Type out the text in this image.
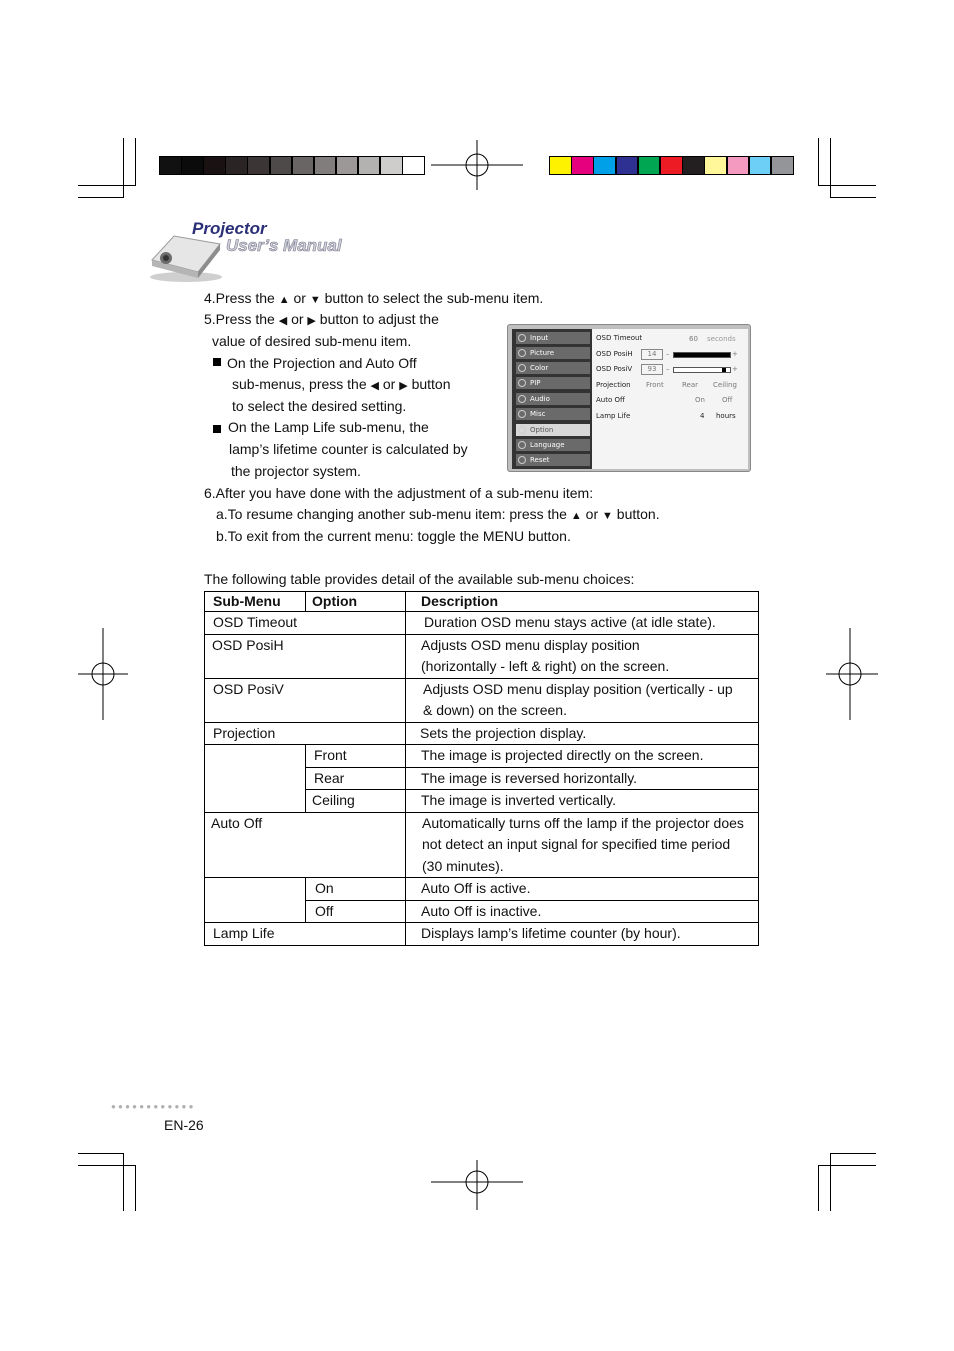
Projector
User’s Manual
4.Press the ▲ or ▼ button to select the sub-menu item.
5.Press the ◀ or ▶ button to adjust the
value of desired sub-menu item.
On the Projection and Auto Off
sub-menus, press the ◀ or ▶ button
to select the desired setting.
On the Lamp Life sub-menu, the
lamp’s lifetime counter is calculated by
the projector system.
6.After you have done with the adjustment of a sub-menu item:
a.To resume changing another sub-menu item: press the ▲ or ▼ button.
b.To exit from the current menu: toggle the MENU button.
The following table provides detail of the available sub-menu choices:
Input
Picture
Color
PIP
Audio
Misc
Option
Language
Reset
OSD Timeout	60 seconds
OSD PosiH	14	–	+
OSD PosiV	93	–	+
Projection Front	Rear Ceiling
Auto Off	On Off
Lamp Life	4 hours
Sub-Menu	Option	Description
OSD Timeout		Duration OSD menu stays active (at idle state).
OSD PosiH		Adjusts OSD menu display position
(horizontally - left & right) on the screen.

OSD PosiV		Adjusts OSD menu display position (vertically - up
& down) on the screen.

Projection		Sets the projection display.
	Front	The image is projected directly on the screen.
	Rear	The image is reversed horizontally.
	Ceiling	The image is inverted vertically.
Auto Off		Automatically turns off the lamp if the projector does
not detect an input signal for specified time period
(30 minutes).

	On	Auto Off is active.
	Off	Auto Off is inactive.
Lamp Life		Displays lamp’s lifetime counter (by hour).
● ● ● ● ● ● ● ● ● ● ● ●
EN-26
